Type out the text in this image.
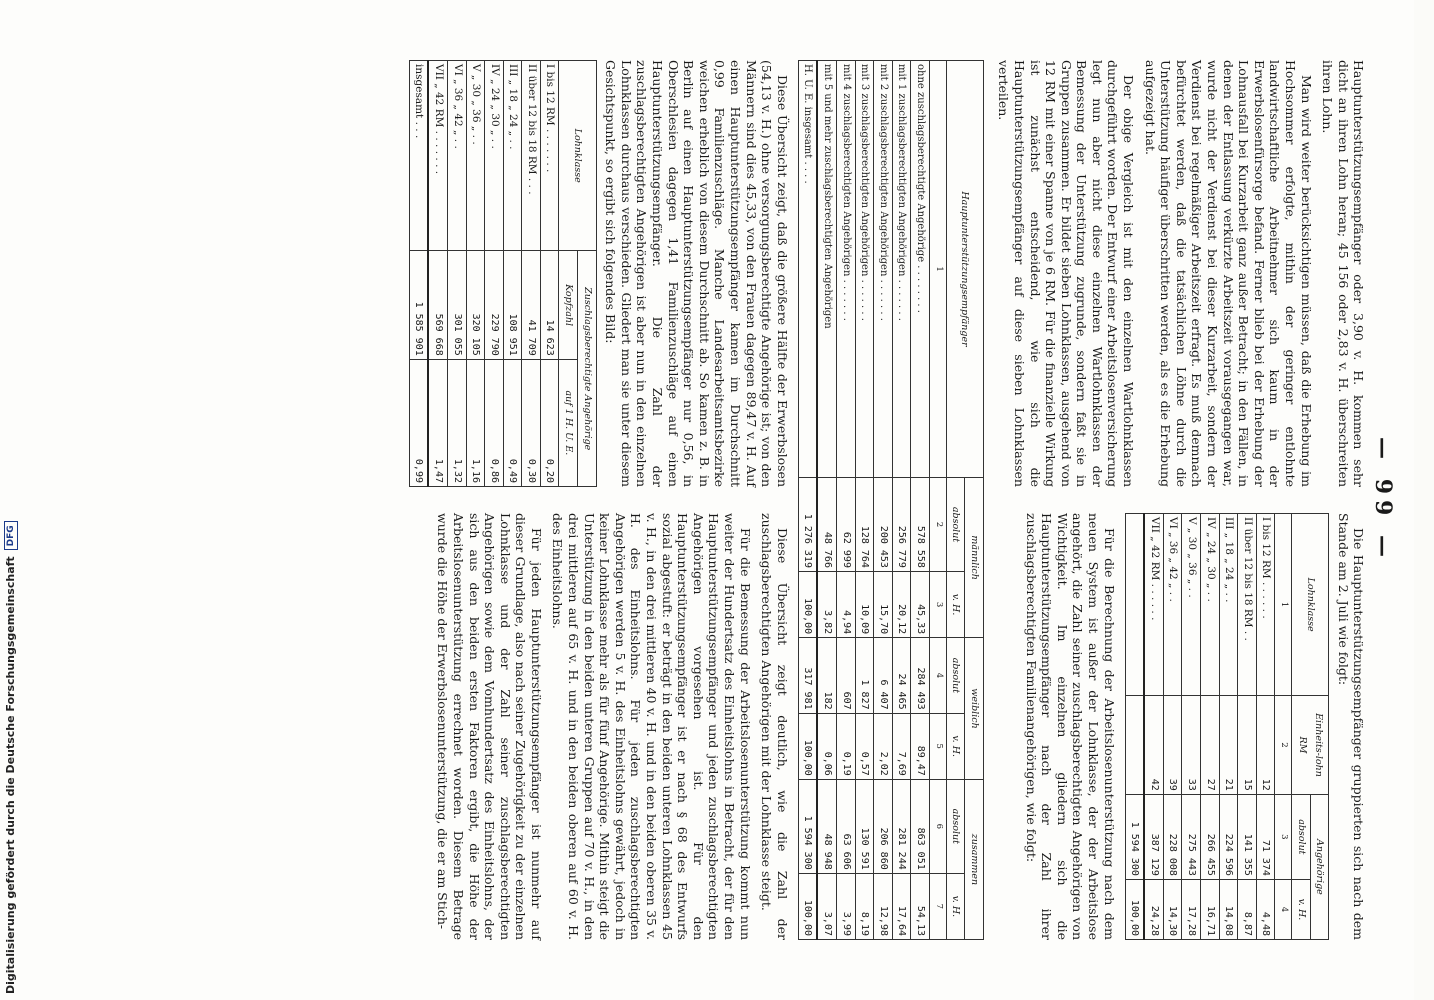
— 99 —

Hauptunterstützungsempfänger oder 3,90 v. H. kommen sehr dicht an ihren Lohn heran; 45 156 oder 2,83 v. H. überschreiten ihren Lohn.

Man wird weiter berücksichtigen müssen, daß die Erhebung im Hochsommer erfolgte, mithin der geringer entlohnte landwirtschaftliche Arbeitnehmer sich kaum in der Erwerbslosenfürsorge befand. Ferner blieb bei der Erhebung der Lohnausfall bei Kurzarbeit ganz außer Betracht; in den Fällen, in denen der Entlassung verkürzte Arbeitszeit vorausgegangen war, wurde nicht der Verdienst bei dieser Kurzarbeit, sondern der Verdienst bei regelmäßiger Arbeitszeit erfragt. Es muß demnach befürchtet werden, daß die tatsächlichen Löhne durch die Unterstützung häufiger überschritten werden, als es die Erhebung aufgezeigt hat.

Der obige Vergleich ist mit den einzelnen Wartlohnklassen durchgeführt worden. Der Entwurf einer Arbeitslosenversicherung legt nun aber nicht diese einzelnen Wartlohnklassen der Bemessung der Unterstützung zugrunde, sondern faßt sie in Gruppen zusammen. Er bildet sieben Lohnklassen, ausgehend von 12 RM mit einer Spanne von je 6 RM. Für die finanzielle Wirkung ist zunächst entscheidend, wie sich die Hauptunterstützungsempfänger auf diese sieben Lohnklassen verteilen.

Die Hauptunterstützungsempfänger gruppierten sich nach dem Stande am 2. Juli wie folgt:

Lohnklasse	Einheits-lohn
RM	Angehörige	
		absolut	v. H.
1	2	3	4
I bis 12 RM . . . . . .	12	71 374	4,48
II über 12 bis 18 RM . .	15	141 355	8,87
III „ 18 „ 24 „ . .	21	224 596	14,08
IV „ 24 „ 30 „ . .	27	266 455	16,71
V „ 30 „ 36 „ . .	33	275 443	17,28
VI „ 36 „ 42 „ . .	39	228 008	14,30
VII „ 42 RM . . . . . .	42	387 129	24,28
		1 594 300	100,00

Für die Berechnung der Arbeitslosenunterstützung nach dem neuen System ist außer der Lohnklasse, der der Arbeitslose angehört, die Zahl seiner zuschlagsberechtigten Angehörigen von Wichtigkeit. Im einzelnen gliedern sich die Hauptunterstützungsempfänger nach der Zahl ihrer zuschlagsberechtigten Familienangehörigen, wie folgt:

Hauptunterstützungsempfänger	männlich		weiblich		zusammen	
	absolut	v. H.	absolut	v. H.	absolut	v. H.
1	2	3	4	5	6	7
ohne zuschlagsberechtigte Angehörige . . . . . . . .	578 558	45,33	284 493	89,47	863 051	54,13
mit 1 zuschlagsberechtigten Angehörigen . . . . . . .	256 779	20,12	24 465	7,69	281 244	17,64
mit 2 zuschlagsberechtigten Angehörigen . . . . . . .	200 453	15,70	6 407	2,02	206 860	12,98
mit 3 zuschlagsberechtigten Angehörigen . . . . . . .	128 764	10,09	1 827	0,57	130 591	8,19
mit 4 zuschlagsberechtigten Angehörigen . . . . . . .	62 999	4,94	607	0,19	63 606	3,99
mit 5 und mehr zuschlagsberechtigten Angehörigen	48 766	3,82	182	0,06	48 948	3,07
H. U. E. insgesamt . . . .	1 276 319	100,00	317 981	100,00	1 594 300	100,00

Diese Übersicht zeigt, daß die größere Hälfte der Erwerbslosen (54,13 v. H.) ohne versorgungsberechtigte Angehörige ist; von den Männern sind dies 45,33, von den Frauen dagegen 89,47 v. H. Auf einen Hauptunterstützungsempfänger kamen im Durchschnitt 0,99 Familienzuschläge. Manche Landesarbeitsamtsbezirke weichen erheblich von diesem Durchschnitt ab. So kamen z. B. in Berlin auf einen Hauptunterstützungsempfänger nur 0,56, in Oberschlesien dagegen 1,41 Familienzuschläge auf einen Hauptunterstützungsempfänger. Die Zahl der zuschlagsberechtigten Angehörigen ist aber nun in den einzelnen Lohnklassen durchaus verschieden. Gliedert man sie unter diesem Gesichtspunkt, so ergibt sich folgendes Bild:

Lohnklasse	Zuschlagsberechtigte Angehörige	
	Kopfzahl	auf 1 H. U. E.
I bis 12 RM . . . . . . .	14 623	0,20
II über 12 bis 18 RM . . .	41 709	0,30
III „ 18 „ 24 „ . .	108 951	0,49
IV „ 24 „ 30 „ . .	229 790	0,86
V „ 30 „ 36 „ . .	320 105	1,16
VI „ 36 „ 42 „ . .	301 055	1,32
VII „ 42 RM . . . . . . .	569 668	1,47
insgesamt . . .	1 585 901	0,99

Diese Übersicht zeigt deutlich, wie die Zahl der zuschlagsberechtigten Angehörigen mit der Lohnklasse steigt.

Für die Bemessung der Arbeitslosenunterstützung kommt nun weiter der Hundertsatz des Einheitslohns in Betracht, der für den Hauptunterstützungsempfänger und jeden zuschlagsberechtigten Angehörigen vorgesehen ist. Für den Hauptunterstützungsempfänger ist er nach § 68 des Entwurfs sozial abgestuft: er beträgt in den beiden unteren Lohnklassen 45 v. H., in den drei mittleren 40 v. H. und in den beiden oberen 35 v. H. des Einheitslohns. Für jeden zuschlagsberechtigten Angehörigen werden 5 v. H. des Einheitslohns gewährt, jedoch in keiner Lohnklasse mehr als für fünf Angehörige. Mithin steigt die Unterstützung in den beiden unteren Gruppen auf 70 v. H., in den drei mittleren auf 65 v. H. und in den beiden oberen auf 60 v. H. des Einheitslohns.

Für jeden Hauptunterstützungsempfänger ist nunmehr auf dieser Grundlage, also nach seiner Zugehörigkeit zu der einzelnen Lohnklasse und der Zahl seiner zuschlagsberechtigten Angehörigen sowie dem Vomhundertsatz des Einheitslohns, der sich aus den beiden ersten Faktoren ergibt, die Höhe der Arbeitslosenunterstützung errechnet worden. Diesem Betrage wurde die Höhe der Erwerbslosenunterstützung, die er am Stich-

Digitalisierung gefördert durch die Deutsche Forschungsgemeinschaft
DFG
